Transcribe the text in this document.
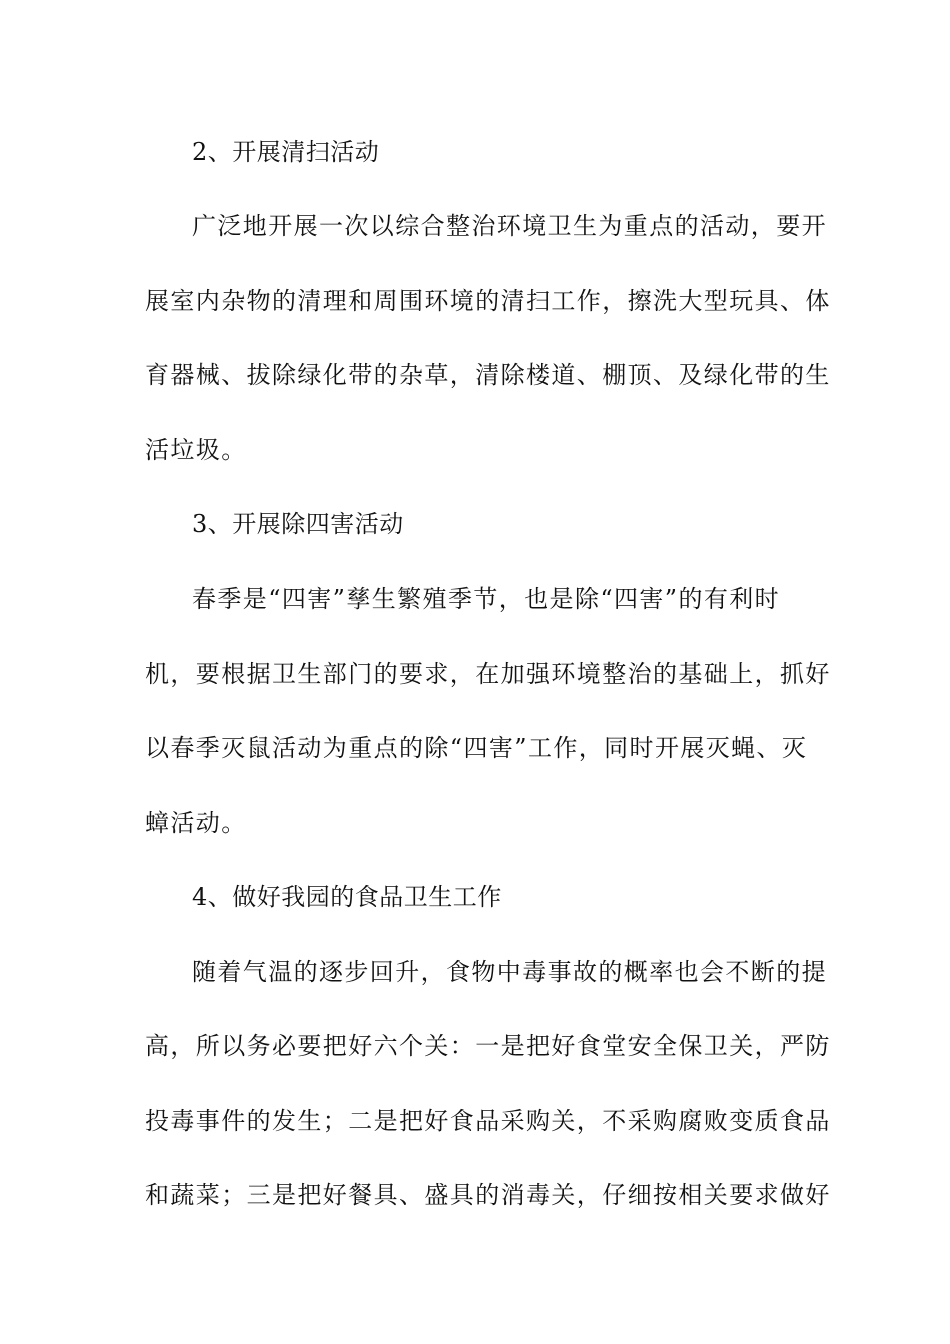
2、开展清扫活动
广泛地开展一次以综合整治环境卫生为重点的活动，要开
展室内杂物的清理和周围环境的清扫工作，擦洗大型玩具、体
育器械、拔除绿化带的杂草，清除楼道、棚顶、及绿化带的生
活垃圾。
3、开展除四害活动
春季是“四害”孳生繁殖季节，也是除“四害”的有利时
机，要根据卫生部门的要求，在加强环境整治的基础上，抓好
以春季灭鼠活动为重点的除“四害”工作，同时开展灭蝇、灭
蟑活动。
4、做好我园的食品卫生工作
随着气温的逐步回升，食物中毒事故的概率也会不断的提
高，所以务必要把好六个关：一是把好食堂安全保卫关，严防
投毒事件的发生；二是把好食品采购关，不采购腐败变质食品
和蔬菜；三是把好餐具、盛具的消毒关，仔细按相关要求做好
